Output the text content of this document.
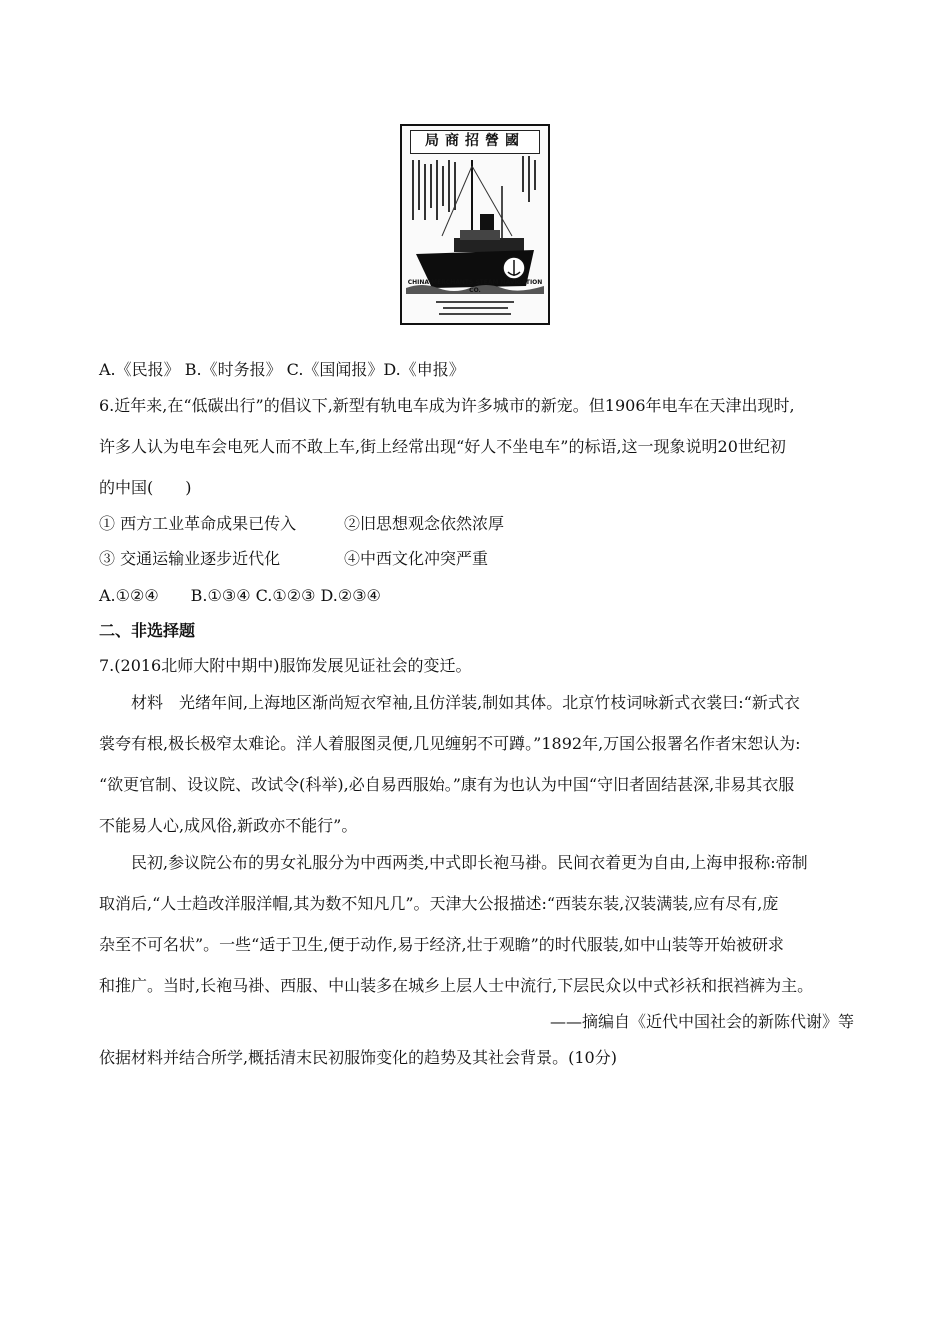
局商招營國
CHINA MERCHANTS STEAM NAVIGATION CO.
A.《民报》 B.《时务报》 C.《国闻报》D.《申报》
6.近年来,在“低碳出行”的倡议下,新型有轨电车成为许多城市的新宠。但1906年电车在天津出现时,
许多人认为电车会电死人而不敢上车,街上经常出现“好人不坐电车”的标语,这一现象说明20世纪初
的中国(　　)
① 西方工业革命成果已传入	②旧思想观念依然浓厚
③ 交通运输业逐步近代化	④中西文化冲突严重
A.①②④　　B.①③④ C.①②③ D.②③④
二、非选择题
7.(2016北师大附中期中)服饰发展见证社会的变迁。
材料　光绪年间,上海地区渐尚短衣窄袖,且仿洋装,制如其体。北京竹枝词咏新式衣裳曰:“新式衣
裳夸有根,极长极窄太难论。洋人着服图灵便,几见缠躬不可蹲。”1892年,万国公报署名作者宋恕认为:
“欲更官制、设议院、改试令(科举),必自易西服始。”康有为也认为中国“守旧者固结甚深,非易其衣服
不能易人心,成风俗,新政亦不能行”。
民初,参议院公布的男女礼服分为中西两类,中式即长袍马褂。民间衣着更为自由,上海申报称:帝制
取消后,“人士趋改洋服洋帽,其为数不知凡几”。天津大公报描述:“西装东装,汉装满装,应有尽有,庞
杂至不可名状”。一些“适于卫生,便于动作,易于经济,壮于观瞻”的时代服装,如中山装等开始被研求
和推广。当时,长袍马褂、西服、中山装多在城乡上层人士中流行,下层民众以中式衫袄和抿裆裤为主。
——摘编自《近代中国社会的新陈代谢》等
依据材料并结合所学,概括清末民初服饰变化的趋势及其社会背景。(10分)
